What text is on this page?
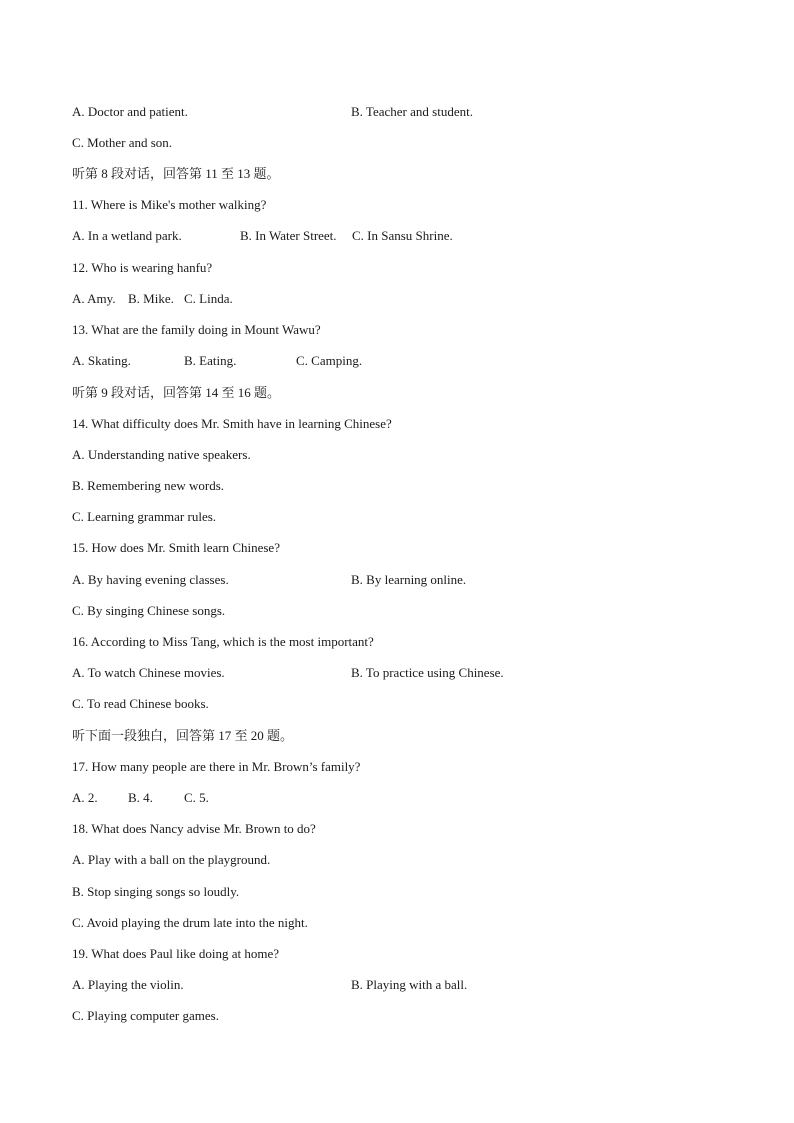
A. Doctor and patient.	B. Teacher and student.
C. Mother and son.
听第 8 段对话，回答第 11 至 13 题。
11. Where is Mike's mother walking?
A. In a wetland park.	B. In Water Street. C. In Sansu Shrine.
12. Who is wearing hanfu?
A. Amy. B. Mike. C. Linda.
13. What are the family doing in Mount Wawu?
A. Skating.	B. Eating.	C. Camping.
听第 9 段对话，回答第 14 至 16 题。
14. What difficulty does Mr. Smith have in learning Chinese?
A. Understanding native speakers.
B. Remembering new words.
C. Learning grammar rules.
15. How does Mr. Smith learn Chinese?
A. By having evening classes.	B. By learning online.
C. By singing Chinese songs.
16. According to Miss Tang, which is the most important?
A. To watch Chinese movies.	B. To practice using Chinese.
C. To read Chinese books.
听下面一段独白，回答第 17 至 20 题。
17. How many people are there in Mr. Brown’s family?
A. 2. B. 4. C. 5.
18. What does Nancy advise Mr. Brown to do?
A. Play with a ball on the playground.
B. Stop singing songs so loudly.
C. Avoid playing the drum late into the night.
19. What does Paul like doing at home?
A. Playing the violin.	B. Playing with a ball.
C. Playing computer games.
